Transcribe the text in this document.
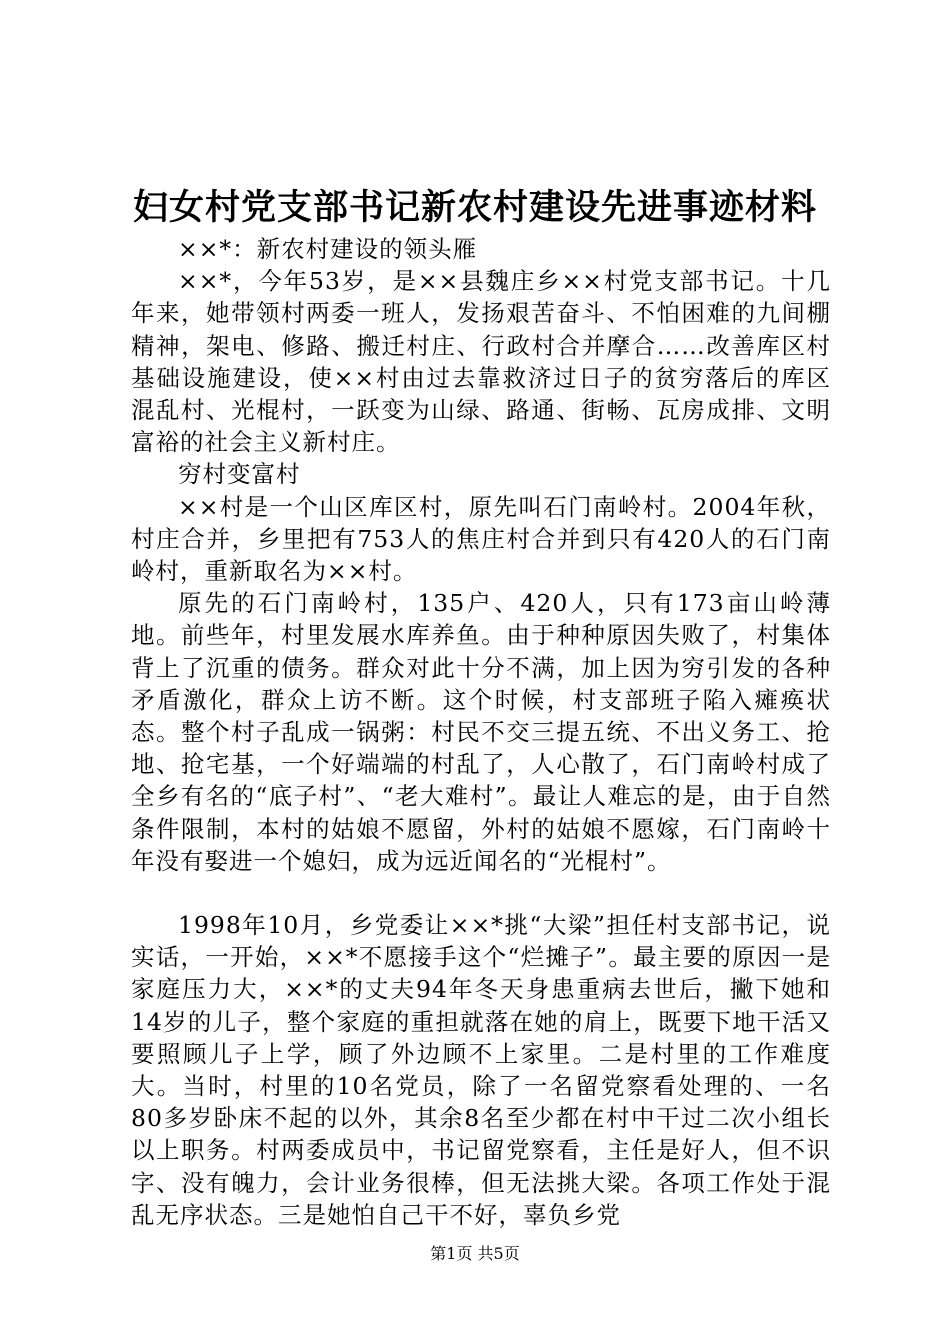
妇女村党支部书记新农村建设先进事迹材料

××*：新农村建设的领头雁

××*，今年53岁，是××县魏庄乡××村党支部书记。十几年来，她带领村两委一班人，发扬艰苦奋斗、不怕困难的九间棚精神，架电、修路、搬迁村庄、行政村合并摩合……改善库区村基础设施建设，使××村由过去靠救济过日子的贫穷落后的库区混乱村、光棍村，一跃变为山绿、路通、街畅、瓦房成排、文明富裕的社会主义新村庄。

穷村变富村

××村是一个山区库区村，原先叫石门南岭村。2004年秋，村庄合并，乡里把有753人的焦庄村合并到只有420人的石门南岭村，重新取名为××村。

原先的石门南岭村，135户、420人，只有173亩山岭薄地。前些年，村里发展水库养鱼。由于种种原因失败了，村集体背上了沉重的债务。群众对此十分不满，加上因为穷引发的各种矛盾激化，群众上访不断。这个时候，村支部班子陷入瘫痪状态。整个村子乱成一锅粥：村民不交三提五统、不出义务工、抢地、抢宅基，一个好端端的村乱了，人心散了，石门南岭村成了全乡有名的“底子村”、“老大难村”。最让人难忘的是，由于自然条件限制，本村的姑娘不愿留，外村的姑娘不愿嫁，石门南岭十年没有娶进一个媳妇，成为远近闻名的“光棍村”。

1998年10月，乡党委让××*挑“大梁”担任村支部书记，说实话，一开始，××*不愿接手这个“烂摊子”。最主要的原因一是家庭压力大，××*的丈夫94年冬天身患重病去世后，撇下她和14岁的儿子，整个家庭的重担就落在她的肩上，既要下地干活又要照顾儿子上学，顾了外边顾不上家里。二是村里的工作难度大。当时，村里的10名党员，除了一名留党察看处理的、一名80多岁卧床不起的以外，其余8名至少都在村中干过二次小组长以上职务。村两委成员中，书记留党察看，主任是好人，但不识字、没有魄力，会计业务很棒，但无法挑大梁。各项工作处于混乱无序状态。三是她怕自己干不好，辜负乡党

第1页 共5页
